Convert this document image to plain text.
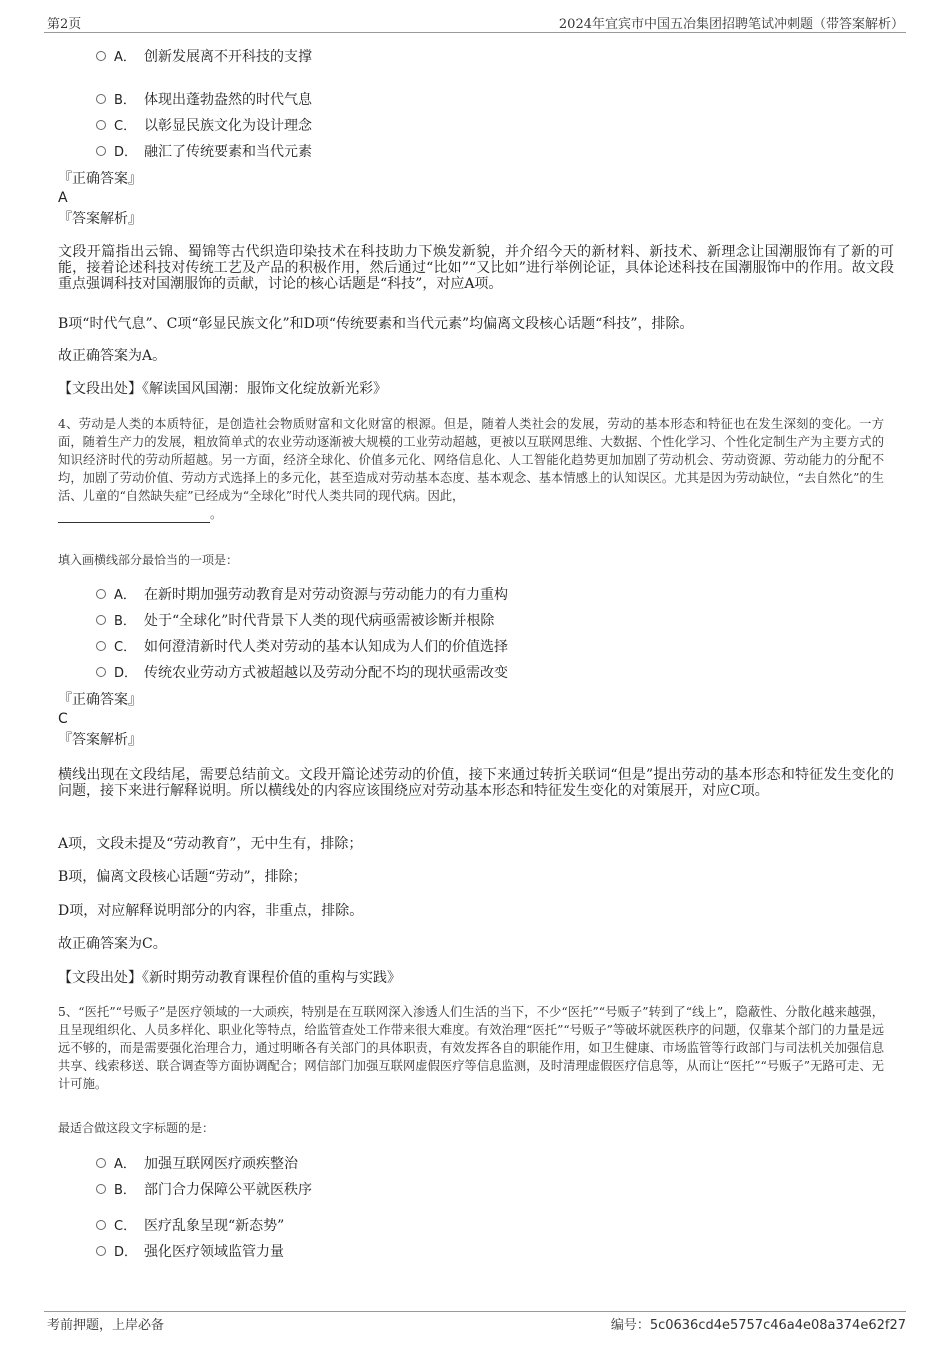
第2页	2024年宜宾市中国五冶集团招聘笔试冲刺题（带答案解析）
A． 创新发展离不开科技的支撑
B． 体现出蓬勃盎然的时代气息
C． 以彰显民族文化为设计理念
D． 融汇了传统要素和当代元素
『正确答案』
A
『答案解析』
文段开篇指出云锦、蜀锦等古代织造印染技术在科技助力下焕发新貌，并介绍今天的新材料、新技术、新理念让国潮服饰有了新的可能，接着论述科技对传统工艺及产品的积极作用，然后通过“比如”“又比如”进行举例论证，具体论述科技在国潮服饰中的作用。故文段重点强调科技对国潮服饰的贡献，讨论的核心话题是“科技”，对应A项。
B项“时代气息”、C项“彰显民族文化”和D项“传统要素和当代元素”均偏离文段核心话题“科技”，排除。
故正确答案为A。
【文段出处】《解读国风国潮：服饰文化绽放新光彩》
4、劳动是人类的本质特征，是创造社会物质财富和文化财富的根源。但是，随着人类社会的发展，劳动的基本形态和特征也在发生深刻的变化。一方面，随着生产力的发展，粗放简单式的农业劳动逐渐被大规模的工业劳动超越，更被以互联网思维、大数据、个性化学习、个性化定制生产为主要方式的知识经济时代的劳动所超越。另一方面，经济全球化、价值多元化、网络信息化、人工智能化趋势更加加剧了劳动机会、劳动资源、劳动能力的分配不均，加剧了劳动价值、劳动方式选择上的多元化，甚至造成对劳动基本态度、基本观念、基本情感上的认知误区。尤其是因为劳动缺位，“去自然化”的生活、儿童的“自然缺失症”已经成为“全球化”时代人类共同的现代病。因此，
。
填入画横线部分最恰当的一项是：
A． 在新时期加强劳动教育是对劳动资源与劳动能力的有力重构
B． 处于“全球化”时代背景下人类的现代病亟需被诊断并根除
C． 如何澄清新时代人类对劳动的基本认知成为人们的价值选择
D． 传统农业劳动方式被超越以及劳动分配不均的现状亟需改变
『正确答案』
C
『答案解析』
横线出现在文段结尾，需要总结前文。文段开篇论述劳动的价值，接下来通过转折关联词“但是”提出劳动的基本形态和特征发生变化的问题，接下来进行解释说明。所以横线处的内容应该围绕应对劳动基本形态和特征发生变化的对策展开，对应C项。
A项，文段未提及“劳动教育”，无中生有，排除；
B项，偏离文段核心话题“劳动”，排除；
D项，对应解释说明部分的内容，非重点，排除。
故正确答案为C。
【文段出处】《新时期劳动教育课程价值的重构与实践》
5、“医托”“号贩子”是医疗领域的一大顽疾，特别是在互联网深入渗透人们生活的当下，不少“医托”“号贩子”转到了“线上”，隐蔽性、分散化越来越强，且呈现组织化、人员多样化、职业化等特点，给监管查处工作带来很大难度。有效治理“医托”“号贩子”等破坏就医秩序的问题，仅靠某个部门的力量是远远不够的，而是需要强化治理合力，通过明晰各有关部门的具体职责，有效发挥各自的职能作用，如卫生健康、市场监管等行政部门与司法机关加强信息共享、线索移送、联合调查等方面协调配合；网信部门加强互联网虚假医疗等信息监测，及时清理虚假医疗信息等，从而让“医托”“号贩子”无路可走、无计可施。
最适合做这段文字标题的是：
A． 加强互联网医疗顽疾整治
B． 部门合力保障公平就医秩序
C． 医疗乱象呈现“新态势”
D． 强化医疗领域监管力量
考前押题，上岸必备	编号：5c0636cd4e5757c46a4e08a374e62f27
